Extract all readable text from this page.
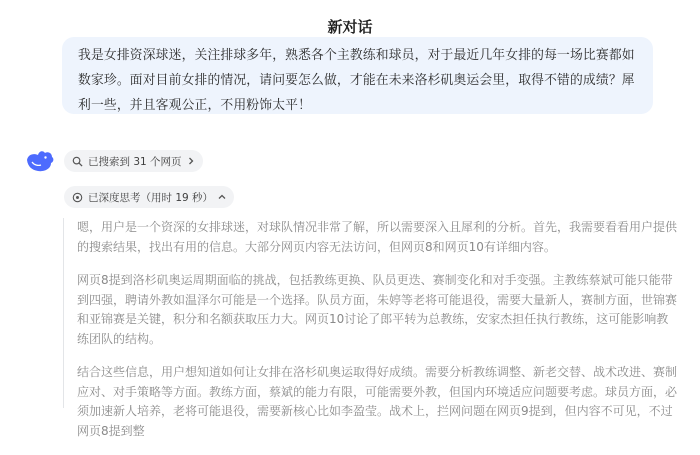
新对话
我是女排资深球迷，关注排球多年，熟悉各个主教练和球员，对于最近几年女排的每一场比赛都如数家珍。面对目前女排的情况，请问要怎么做，才能在未来洛杉矶奥运会里，取得不错的成绩？犀利一些，并且客观公正，不用粉饰太平！
已搜索到 31 个网页
已深度思考（用时 19 秒）

嗯，用户是一个资深的女排球迷，对球队情况非常了解，所以需要深入且犀利的分析。首先，我需要看看用户提供的搜索结果，找出有用的信息。大部分网页内容无法访问，但网页8和网页10有详细内容。

网页8提到洛杉矶奥运周期面临的挑战，包括教练更换、队员更迭、赛制变化和对手变强。主教练蔡斌可能只能带到四强，聘请外教如温泽尔可能是一个选择。队员方面，朱婷等老将可能退役，需要大量新人，赛制方面，世锦赛和亚锦赛是关键，积分和名额获取压力大。网页10讨论了郎平转为总教练，安家杰担任执行教练，这可能影响教练团队的结构。

结合这些信息，用户想知道如何让女排在洛杉矶奥运取得好成绩。需要分析教练调整、新老交替、战术改进、赛制应对、对手策略等方面。教练方面，蔡斌的能力有限，可能需要外教，但国内环境适应问题要考虑。球员方面，必须加速新人培养，老将可能退役，需要新核心比如李盈莹。战术上，拦网问题在网页9提到，但内容不可见，不过网页8提到整
